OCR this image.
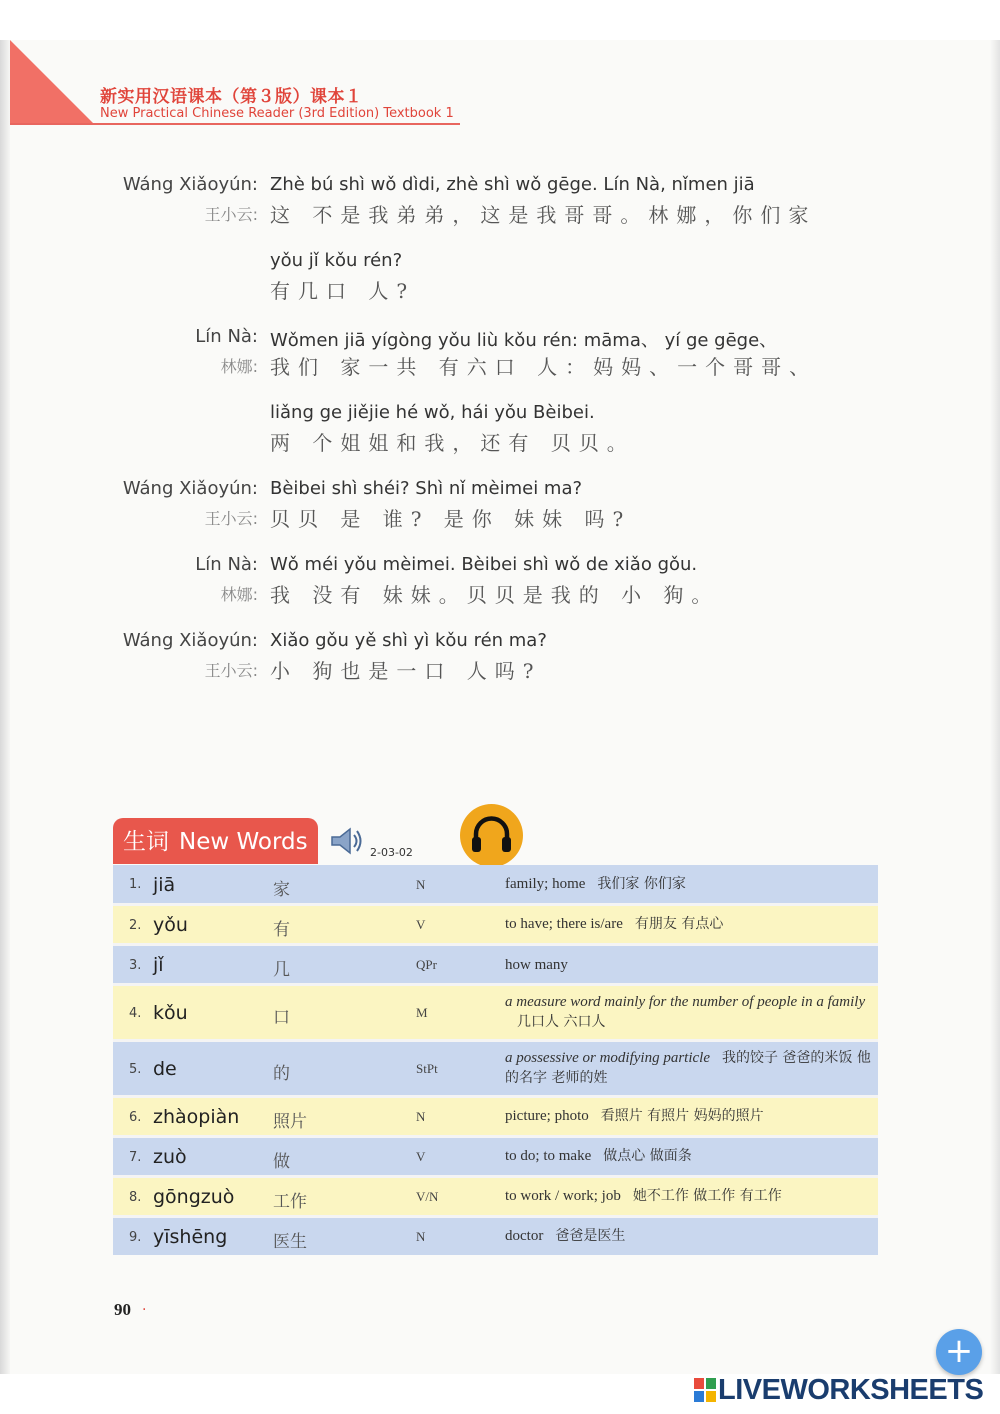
新实用汉语课本（第３版）课本１
New Practical Chinese Reader (3rd Edition) Textbook 1
Wáng Xiǎoyún:
王小云:
Zhè bú shì wǒ dìdi, zhè shì wǒ gēge. Lín Nà, nǐmen jiā
这 不是我弟弟，这是我哥哥。林娜，你们家
yǒu jǐ kǒu rén?
有几口 人?
Lín Nà:
林娜:
Wǒmen jiā yígòng yǒu liù kǒu rén: māma、 yí ge gēge、
我们 家一共 有六口 人：妈妈、一个哥哥、
liǎng ge jiějie hé wǒ, hái yǒu Bèibei.
两 个姐姐和我，还有 贝贝。
Wáng Xiǎoyún:
王小云:
Bèibei shì shéi? Shì nǐ mèimei ma?
贝贝 是 谁? 是你 妹妹 吗?
Lín Nà:
林娜:
Wǒ méi yǒu mèimei. Bèibei shì wǒ de xiǎo gǒu.
我 没有 妹妹。贝贝是我的 小 狗。
Wáng Xiǎoyún:
王小云:
Xiǎo gǒu yě shì yì kǒu rén ma?
小 狗也是一口 人吗?
生词 New Words	2-03-02
1. jiā	家	N	family; home 我们家 你们家
2. yǒu	有	V	to have; there is/are 有朋友 有点心
3. jǐ	几	QPr	how many
4. kǒu	口	M
a measure word mainly for the number of people in a family几口人 六口人
5. de	的	StPt
a possessive or modifying particle 我的饺子 爸爸的米饭 他的名字 老师的姓
6. zhàopiàn 照片	N	picture; photo 看照片 有照片 妈妈的照片
7. zuò	做	V	to do; to make 做点心 做面条
8. gōngzuò 工作	V/N	to work / work; job 她不工作 做工作 有工作
9. yīshēng	医生	N	doctor 爸爸是医生
90 ·
+
LIVEWORKSHEETS
